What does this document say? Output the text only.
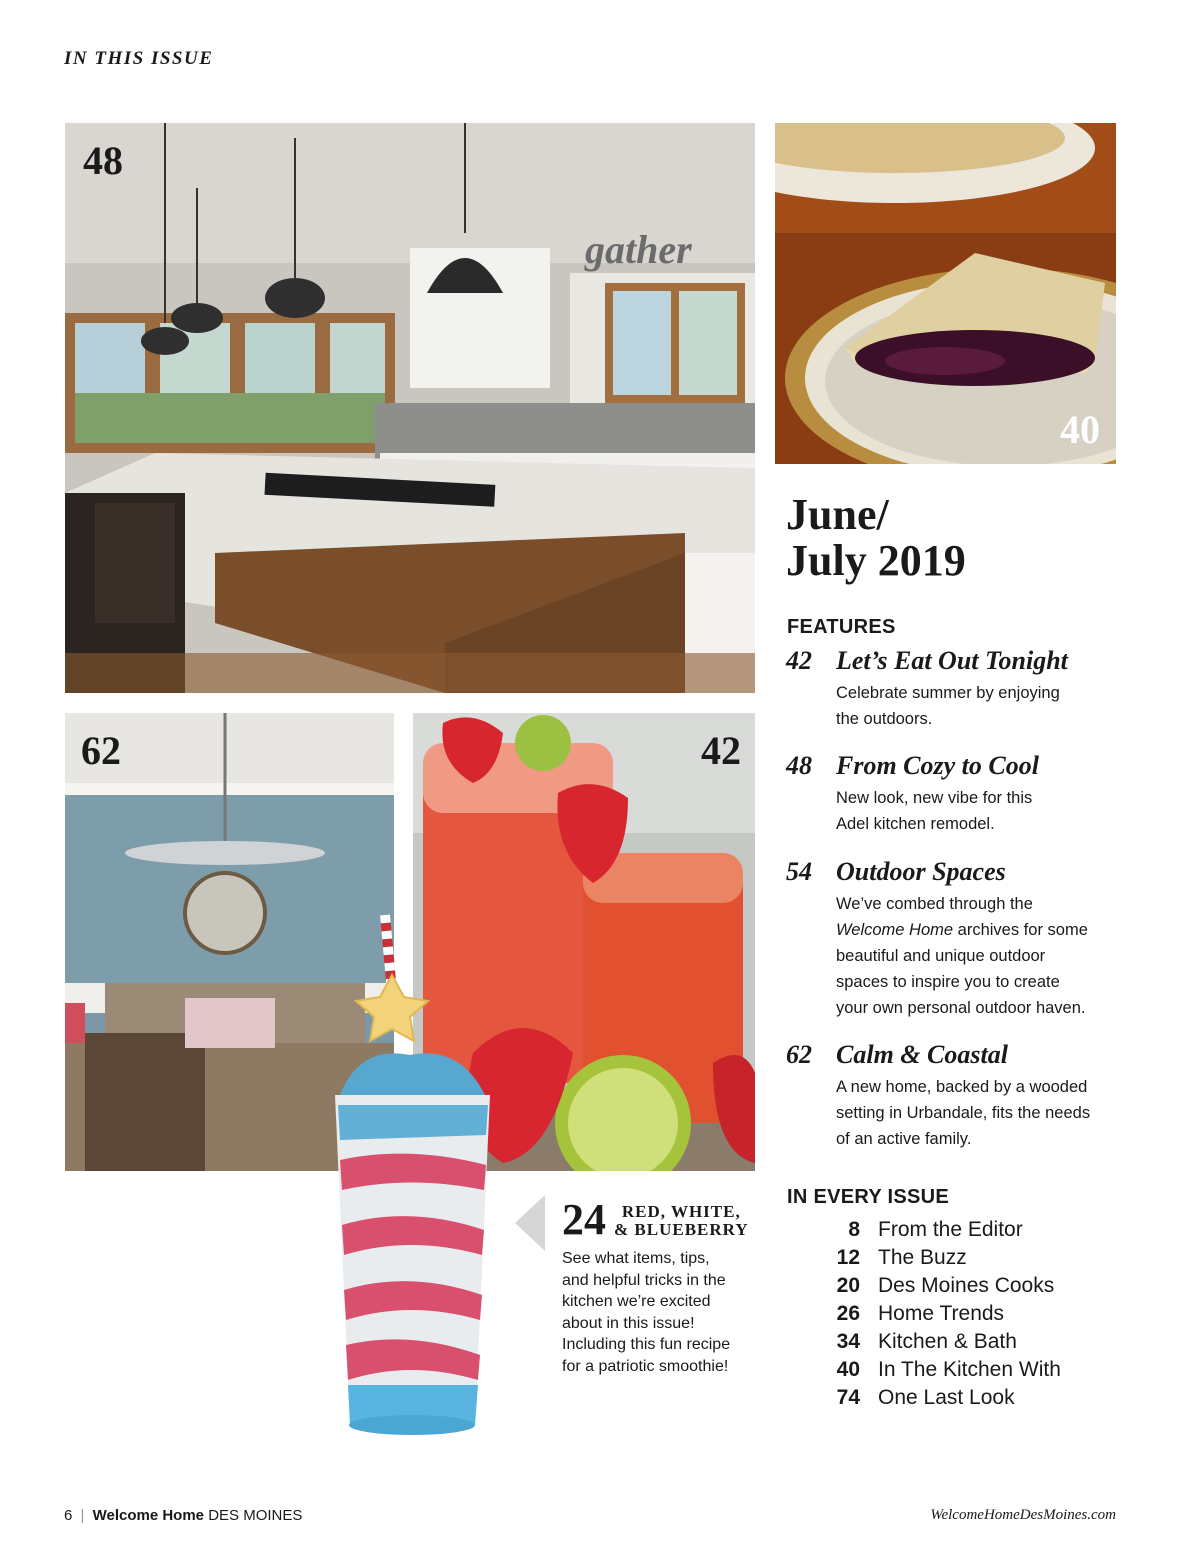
IN THIS ISSUE
gather
48
40
62	42
June/
July 2019
FEATURES
42 Let’s Eat Out Tonight
Celebrate summer by enjoying
the outdoors.
48 From Cozy to Cool
New look, new vibe for this
Adel kitchen remodel.
54 Outdoor Spaces
We’ve combed through the
Welcome Home archives for some
beautiful and unique outdoor
spaces to inspire you to create
your own personal outdoor haven.
62 Calm & Coastal
A new home, backed by a wooded
setting in Urbandale, fits the needs
of an active family.
IN EVERY ISSUE
8 From the Editor
12 The Buzz
20 Des Moines Cooks
26 Home Trends
34 Kitchen & Bath
40 In The Kitchen With
74 One Last Look
24 RED, WHITE,
& BLUEBERRY
See what items, tips,
and helpful tricks in the
kitchen we’re excited
about in this issue!
Including this fun recipe
for a patriotic smoothie!
6 | Welcome Home DES MOINES	WelcomeHomeDesMoines.com
